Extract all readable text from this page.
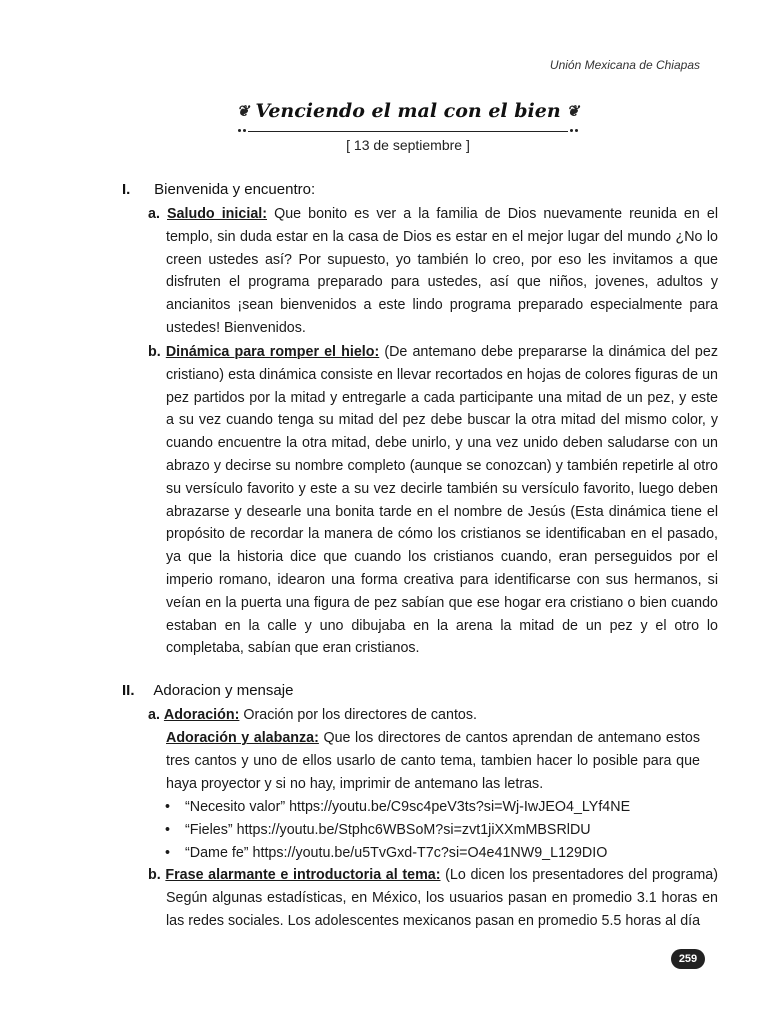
Unión Mexicana de Chiapas
❦ Venciendo el mal con el bien ❦
[ 13 de septiembre ]
I. Bienvenida y encuentro:
a. Saludo inicial: Que bonito es ver a la familia de Dios nuevamente reunida en el templo, sin duda estar en la casa de Dios es estar en el mejor lugar del mundo ¿No lo creen ustedes así? Por supuesto, yo también lo creo, por eso les invitamos a que disfruten el programa preparado para ustedes, así que niños, jovenes, adultos y ancianitos ¡sean bienvenidos a este lindo programa preparado especialmente para ustedes! Bienvenidos.
b. Dinámica para romper el hielo: (De antemano debe prepararse la dinámica del pez cristiano) esta dinámica consiste en llevar recortados en hojas de colores figuras de un pez partidos por la mitad y entregarle a cada participante una mitad de un pez, y este a su vez cuando tenga su mitad del pez debe buscar la otra mitad del mismo color, y cuando encuentre la otra mitad, debe unirlo, y una vez unido deben saludarse con un abrazo y decirse su nombre completo (aunque se conozcan) y también repetirle al otro su versículo favorito y este a su vez decirle también su versículo favorito, luego deben abrazarse y desearle una bonita tarde en el nombre de Jesús (Esta dinámica tiene el propósito de recordar la manera de cómo los cristianos se identificaban en el pasado, ya que la historia dice que cuando los cristianos cuando, eran perseguidos por el imperio romano, idearon una forma creativa para identificarse con sus hermanos, si veían en la puerta una figura de pez sabían que ese hogar era cristiano o bien cuando estaban en la calle y uno dibujaba en la arena la mitad de un pez y el otro lo completaba, sabían que eran cristianos.
II. Adoracion y mensaje
a. Adoración: Oración por los directores de cantos.
Adoración y alabanza: Que los directores de cantos aprendan de antemano estos tres cantos y uno de ellos usarlo de canto tema, tambien hacer lo posible para que haya proyector y si no hay, imprimir de antemano las letras.
•	“Necesito valor” https://youtu.be/C9sc4peV3ts?si=Wj-IwJEO4_LYf4NE
•	“Fieles” https://youtu.be/Stphc6WBSoM?si=zvt1jiXXmMBSRlDU
•	“Dame fe” https://youtu.be/u5TvGxd-T7c?si=O4e41NW9_L129DIO
b. Frase alarmante e introductoria al tema: (Lo dicen los presentadores del programa) Según algunas estadísticas, en México, los usuarios pasan en promedio 3.1 horas en las redes sociales. Los adolescentes mexicanos pasan en promedio 5.5 horas al día
259
